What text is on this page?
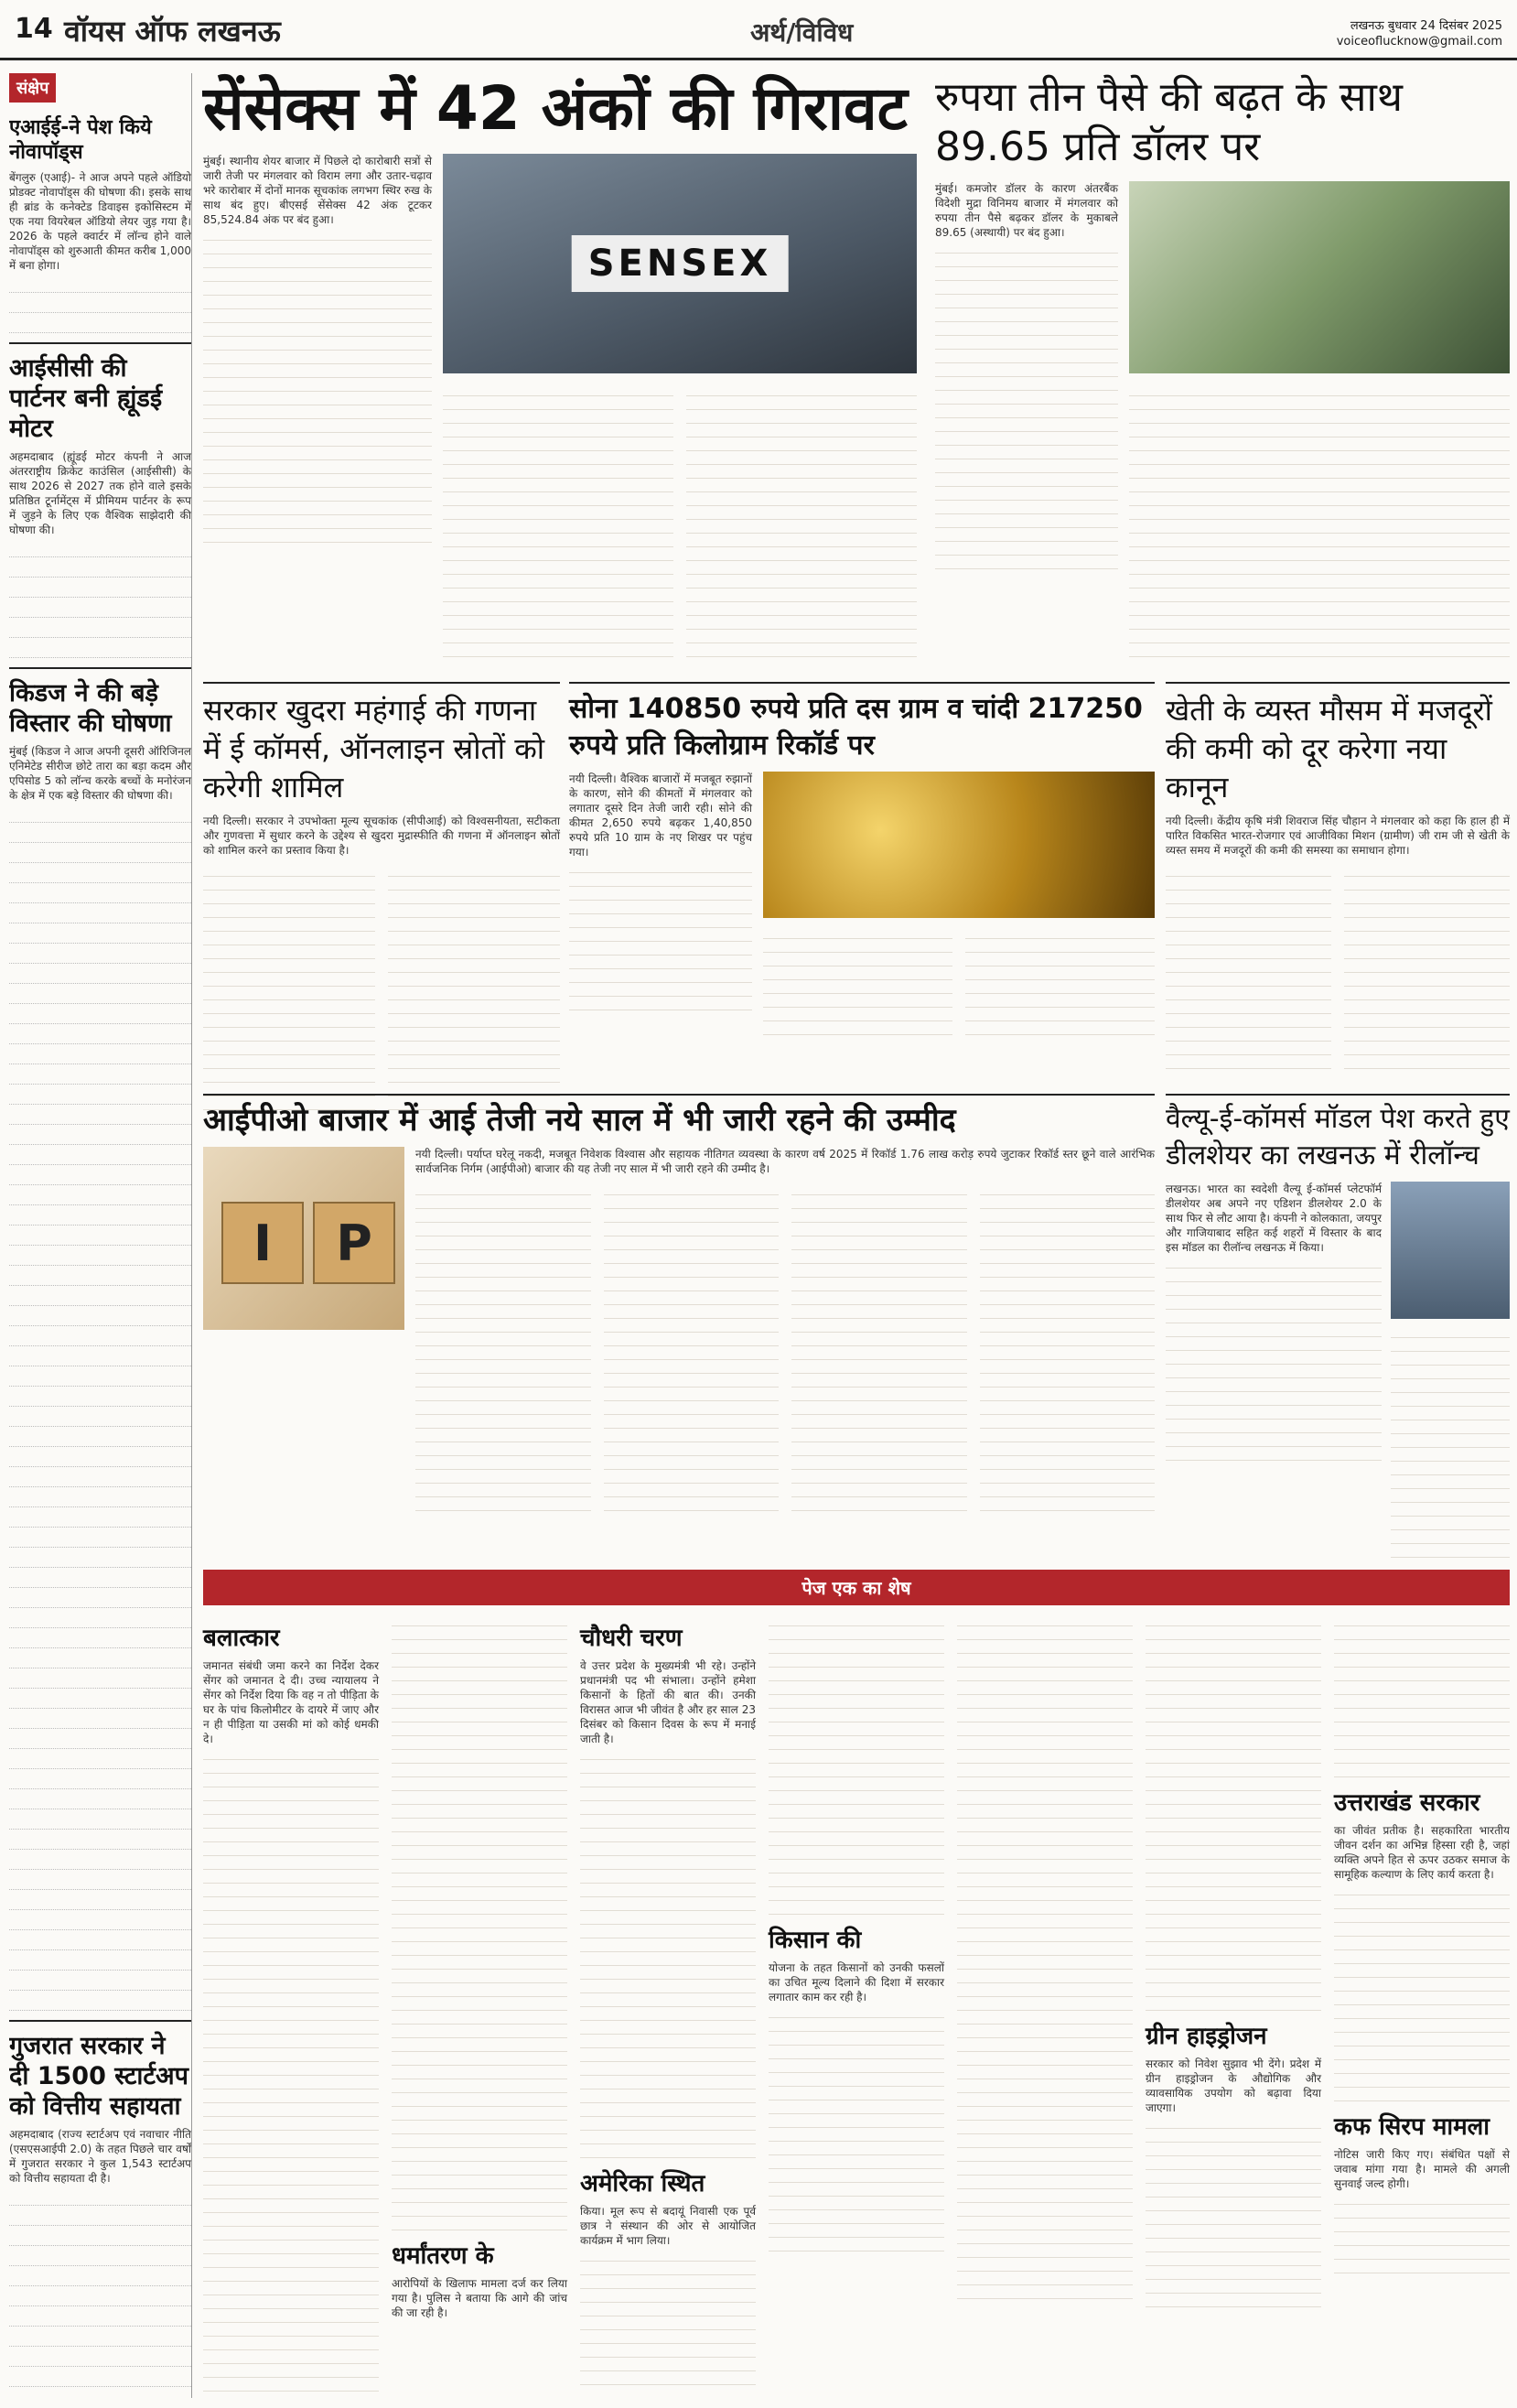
14 वॉयस ऑफ लखनऊ	अर्थ/विविध	लखनऊ बुधवार 24 दिसंबर 2025
voiceoflucknow@gmail.com
संक्षेप
एआईई-ने पेश किये नोवापॉड्स
बेंगलुरु (एआई)- ने आज अपने पहले ऑडियो प्रोडक्ट नोवापॉड्स की घोषणा की। इसके साथ ही ब्रांड के कनेक्टेड डिवाइस इकोसिस्टम में एक नया वियरेबल ऑडियो लेयर जुड़ गया है। 2026 के पहले क्वार्टर में लॉन्च होने वाले नोवापॉड्स को शुरुआती कीमत करीब 1,000 में बना होगा।
आईसीसी की पार्टनर बनी ह्यूंडई मोटर
अहमदाबाद (ह्यूंडई मोटर कंपनी ने आज अंतरराष्ट्रीय क्रिकेट काउंसिल (आईसीसी) के साथ 2026 से 2027 तक होने वाले इसके प्रतिष्ठित टूर्नामेंट्स में प्रीमियम पार्टनर के रूप में जुड़ने के लिए एक वैश्विक साझेदारी की घोषणा की।
किडज ने की बड़े विस्तार की घोषणा
मुंबई (किडज ने आज अपनी दूसरी ऑरिजिनल एनिमेटेड सीरीज छोटे तारा का बड़ा कदम और एपिसोड 5 को लॉन्च करके बच्चों के मनोरंजन के क्षेत्र में एक बड़े विस्तार की घोषणा की।
गुजरात सरकार ने दी 1500 स्टार्टअप को वित्तीय सहायता
अहमदाबाद (राज्य स्टार्टअप एवं नवाचार नीति (एसएसआईपी 2.0) के तहत पिछले चार वर्षों में गुजरात सरकार ने कुल 1,543 स्टार्टअप को वित्तीय सहायता दी है।
सेंसेक्स में 42 अंकों की गिरावट
मुंबई। स्थानीय शेयर बाजार में पिछले दो कारोबारी सत्रों से जारी तेजी पर मंगलवार को विराम लगा और उतार-चढ़ाव भरे कारोबार में दोनों मानक सूचकांक लगभग स्थिर रुख के साथ बंद हुए। बीएसई सेंसेक्स 42 अंक टूटकर 85,524.84 अंक पर बंद हुआ।
SENSEX
रुपया तीन पैसे की बढ़त के साथ 89.65 प्रति डॉलर पर
मुंबई। कमजोर डॉलर के कारण अंतरबैंक विदेशी मुद्रा विनिमय बाजार में मंगलवार को रुपया तीन पैसे बढ़कर डॉलर के मुकाबले 89.65 (अस्थायी) पर बंद हुआ।
सरकार खुदरा महंगाई की गणना में ई कॉमर्स, ऑनलाइन स्रोतों को करेगी शामिल
नयी दिल्ली। सरकार ने उपभोक्ता मूल्य सूचकांक (सीपीआई) को विश्वसनीयता, सटीकता और गुणवत्ता में सुधार करने के उद्देश्य से खुदरा मुद्रास्फीति की गणना में ऑनलाइन स्रोतों को शामिल करने का प्रस्ताव किया है।
सोना 140850 रुपये प्रति दस ग्राम व चांदी 217250 रुपये प्रति किलोग्राम रिकॉर्ड पर
नयी दिल्ली। वैश्विक बाजारों में मजबूत रुझानों के कारण, सोने की कीमतों में मंगलवार को लगातार दूसरे दिन तेजी जारी रही। सोने की कीमत 2,650 रुपये बढ़कर 1,40,850 रुपये प्रति 10 ग्राम के नए शिखर पर पहुंच गया।
खेती के व्यस्त मौसम में मजदूरों की कमी को दूर करेगा नया कानून
नयी दिल्ली। केंद्रीय कृषि मंत्री शिवराज सिंह चौहान ने मंगलवार को कहा कि हाल ही में पारित विकसित भारत-रोजगार एवं आजीविका मिशन (ग्रामीण) जी राम जी से खेती के व्यस्त समय में मजदूरों की कमी की समस्या का समाधान होगा।
आईपीओ बाजार में आई तेजी नये साल में भी जारी रहने की उम्मीद
I	P
नयी दिल्ली। पर्याप्त घरेलू नकदी, मजबूत निवेशक विश्वास और सहायक नीतिगत व्यवस्था के कारण वर्ष 2025 में रिकॉर्ड 1.76 लाख करोड़ रुपये जुटाकर रिकॉर्ड स्तर छूने वाले आरंभिक सार्वजनिक निर्गम (आईपीओ) बाजार की यह तेजी नए साल में भी जारी रहने की उम्मीद है।
वैल्यू-ई-कॉमर्स मॉडल पेश करते हुए डीलशेयर का लखनऊ में रीलॉन्च
लखनऊ। भारत का स्वदेशी वैल्यू ई-कॉमर्स प्लेटफॉर्म डीलशेयर अब अपने नए एडिशन डीलशेयर 2.0 के साथ फिर से लौट आया है। कंपनी ने कोलकाता, जयपुर और गाजियाबाद सहित कई शहरों में विस्तार के बाद इस मॉडल का रीलॉन्च लखनऊ में किया।
पेज एक का शेष
बलात्कार
जमानत संबंधी जमा करने का निर्देश देकर सेंगर को जमानत दे दी। उच्च न्यायालय ने सेंगर को निर्देश दिया कि वह न तो पीड़िता के घर के पांच किलोमीटर के दायरे में जाए और न ही पीड़िता या उसकी मां को कोई धमकी दे।
धर्मांतरण के
आरोपियों के खिलाफ मामला दर्ज कर लिया गया है। पुलिस ने बताया कि आगे की जांच की जा रही है।
चौधरी चरण
वे उत्तर प्रदेश के मुख्यमंत्री भी रहे। उन्होंने प्रधानमंत्री पद भी संभाला। उन्होंने हमेशा किसानों के हितों की बात की। उनकी विरासत आज भी जीवंत है और हर साल 23 दिसंबर को किसान दिवस के रूप में मनाई जाती है।
अमेरिका स्थित
किया। मूल रूप से बदायूं निवासी एक पूर्व छात्र ने संस्थान की ओर से आयोजित कार्यक्रम में भाग लिया।
किसान की
योजना के तहत किसानों को उनकी फसलों का उचित मूल्य दिलाने की दिशा में सरकार लगातार काम कर रही है।
ग्रीन हाइड्रोजन
सरकार को निवेश सुझाव भी देंगे। प्रदेश में ग्रीन हाइड्रोजन के औद्योगिक और व्यावसायिक उपयोग को बढ़ावा दिया जाएगा।
उत्तराखंड सरकार
का जीवंत प्रतीक है। सहकारिता भारतीय जीवन दर्शन का अभिन्न हिस्सा रही है, जहां व्यक्ति अपने हित से ऊपर उठकर समाज के सामूहिक कल्याण के लिए कार्य करता है।
कफ सिरप मामला
नोटिस जारी किए गए। संबंधित पक्षों से जवाब मांगा गया है। मामले की अगली सुनवाई जल्द होगी।
